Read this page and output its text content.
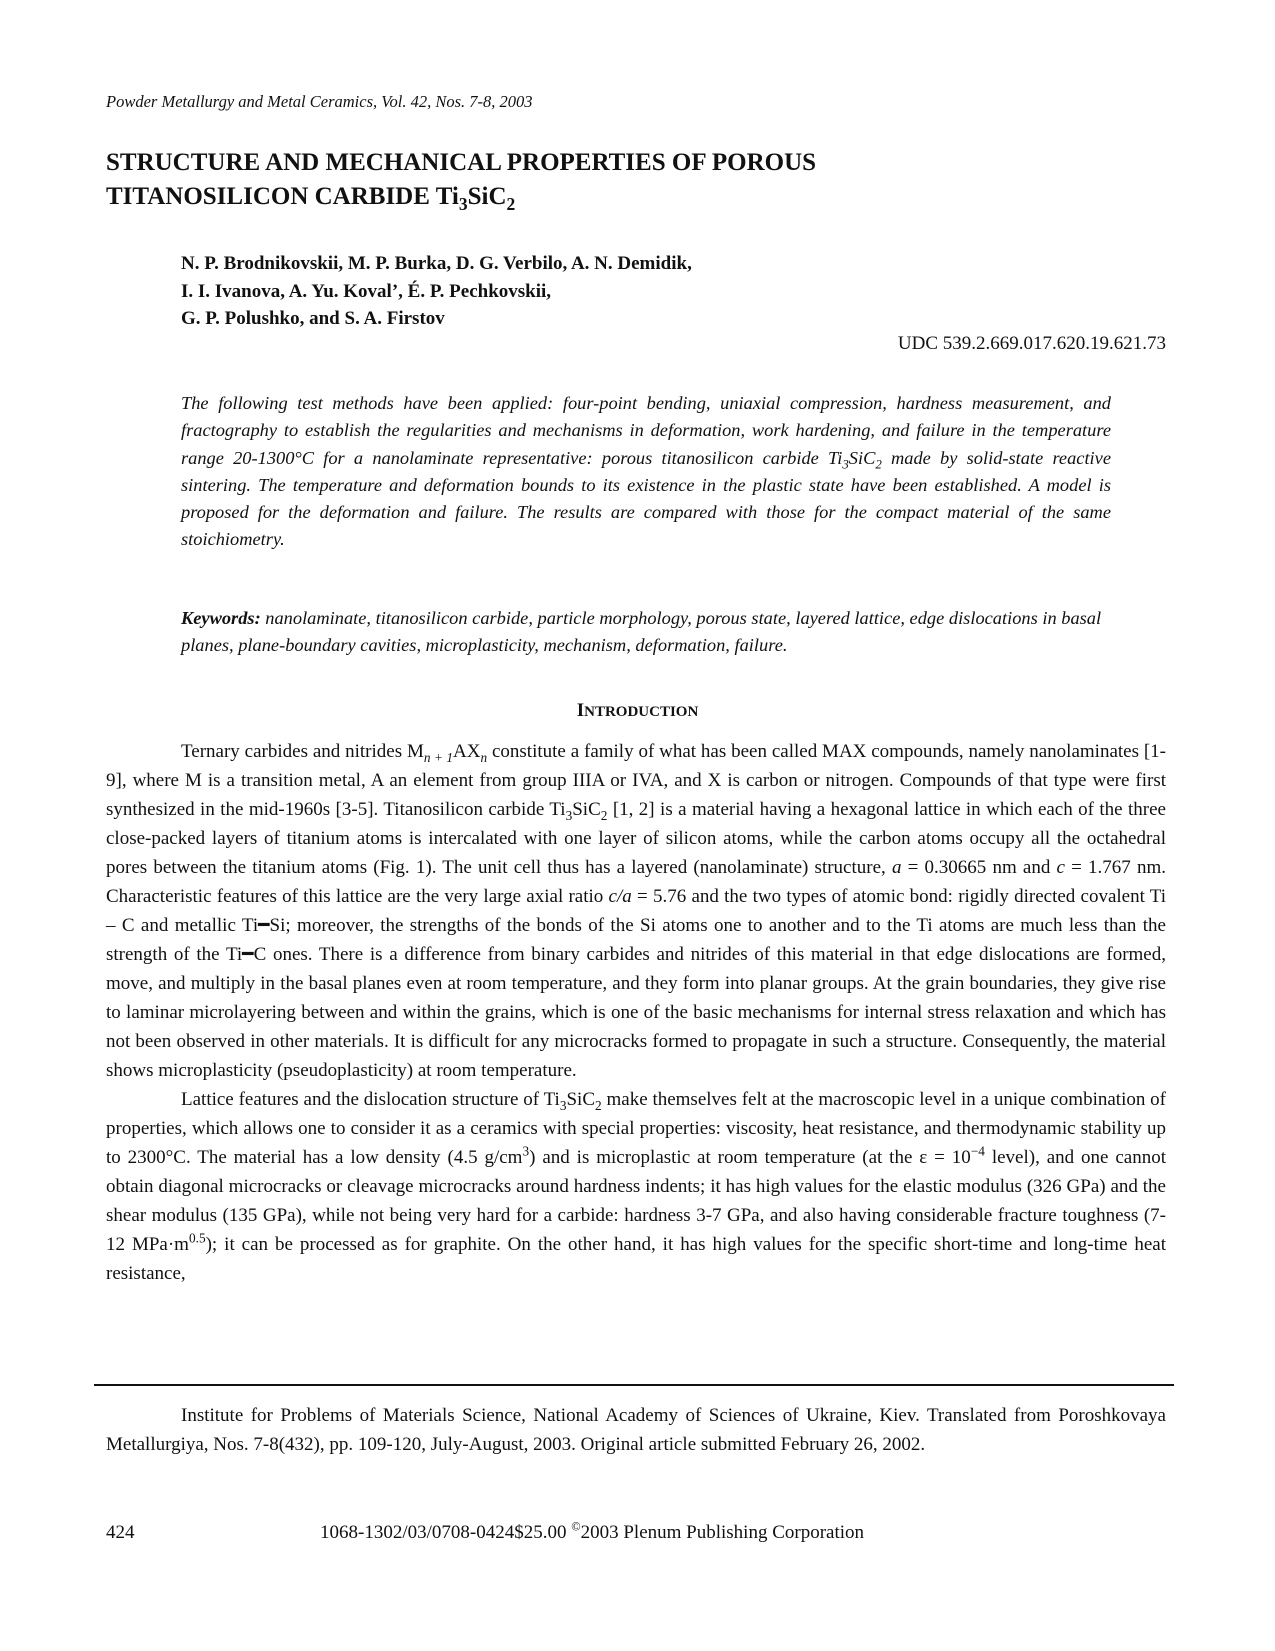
Powder Metallurgy and Metal Ceramics, Vol. 42, Nos. 7-8, 2003
STRUCTURE AND MECHANICAL PROPERTIES OF POROUS
TITANOSILICON CARBIDE $Ti_3SiC_2$
N. P. Brodnikovskii, M. P. Burka, D. G. Verbilo, A. N. Demidik,
I. I. Ivanova, A. Yu. Koval’, É. P. Pechkovskii,
G. P. Polushko, and S. A. Firstov
UDC 539.2.669.017.620.19.621.73

The following test methods have been applied: four-point bending, uniaxial compression, hardness measurement, and fractography to establish the regularities and mechanisms in deformation, work hardening, and failure in the temperature range 20-1300°C for a nanolaminate representative: porous titanosilicon carbide $Ti_3SiC_2$ made by solid-state reactive sintering. The temperature and deformation bounds to its existence in the plastic state have been established. A model is proposed for the deformation and failure. The results are compared with those for the compact material of the same stoichiometry.

Keywords: nanolaminate, titanosilicon carbide, particle morphology, porous state, layered lattice, edge dislocations in basal planes, plane-boundary cavities, microplasticity, mechanism, deformation, failure.

INTRODUCTION

Ternary carbides and nitrides $M_{n + 1}AX_n$ constitute a family of what has been called MAX compounds, namely nanolaminates [1-9], where M is a transition metal, A an element from group IIIA or IVA, and X is carbon or nitrogen. Compounds of that type were first synthesized in the mid-1960s [3-5]. Titanosilicon carbide $Ti_3SiC_2$ [1, 2] is a material having a hexagonal lattice in which each of the three close-packed layers of titanium atoms is intercalated with one layer of silicon atoms, while the carbon atoms occupy all the octahedral pores between the titanium atoms (Fig. 1). The unit cell thus has a layered (nanolaminate) structure, a = 0.30665 nm and c = 1.767 nm. Characteristic features of this lattice are the very large axial ratio c/a = 5.76 and the two types of atomic bond: rigidly directed covalent Ti – C and metallic Ti━Si; moreover, the strengths of the bonds of the Si atoms one to another and to the Ti atoms are much less than the strength of the Ti━C ones. There is a difference from binary carbides and nitrides of this material in that edge dislocations are formed, move, and multiply in the basal planes even at room temperature, and they form into planar groups. At the grain boundaries, they give rise to laminar microlayering between and within the grains, which is one of the basic mechanisms for internal stress relaxation and which has not been observed in other materials. It is difficult for any microcracks formed to propagate in such a structure. Consequently, the material shows microplasticity (pseudoplasticity) at room temperature.

Lattice features and the dislocation structure of $Ti_3SiC_2$ make themselves felt at the macroscopic level in a unique combination of properties, which allows one to consider it as a ceramics with special properties: viscosity, heat resistance, and thermodynamic stability up to 2300°C. The material has a low density (4.5 $g/cm^3$) and is microplastic at room temperature (at the $\varepsilon = 10^{-4}$ level), and one cannot obtain diagonal microcracks or cleavage microcracks around hardness indents; it has high values for the elastic modulus (326 GPa) and the shear modulus (135 GPa), while not being very hard for a carbide: hardness 3-7 GPa, and also having considerable fracture toughness (7-12 $MPa\cdot m^{0.5}$); it can be processed as for graphite. On the other hand, it has high values for the specific short-time and long-time heat resistance,

Institute for Problems of Materials Science, National Academy of Sciences of Ukraine, Kiev. Translated from Poroshkovaya Metallurgiya, Nos. 7-8(432), pp. 109-120, July-August, 2003. Original article submitted February 26, 2002.

424	1068-1302/03/0708-0424$25.00 ©2003 Plenum Publishing Corporation
